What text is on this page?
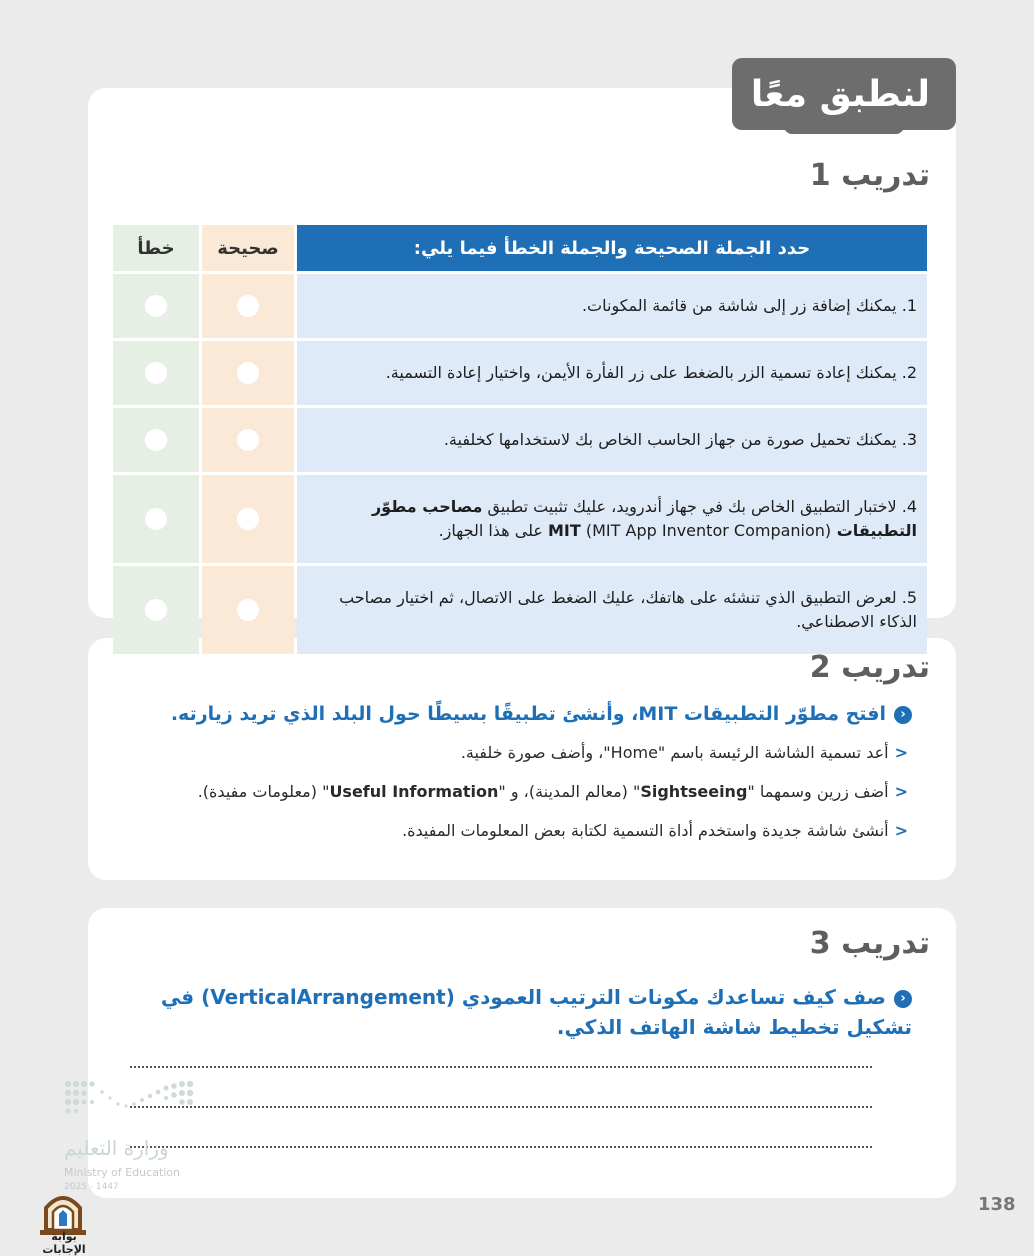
لنطبق معًا
تدريب 1
حدد الجملة الصحيحة والجملة الخطأ فيما يلي:	صحيحة	خطأ
1. يمكنك إضافة زر إلى شاشة من قائمة المكونات.		
2. يمكنك إعادة تسمية الزر بالضغط على زر الفأرة الأيمن، واختيار إعادة التسمية.		
3. يمكنك تحميل صورة من جهاز الحاسب الخاص بك لاستخدامها كخلفية.		
4. لاختبار التطبيق الخاص بك في جهاز أندرويد، عليك تثبيت تطبيق مصاحب مطوّر التطبيقات MIT (MIT App Inventor Companion) على هذا الجهاز.		
5. لعرض التطبيق الذي تنشئه على هاتفك، عليك الضغط على الاتصال، ثم اختيار مصاحب الذكاء الاصطناعي.		
تدريب 2
‹افتح مطوّر التطبيقات MIT، وأنشئ تطبيقًا بسيطًا حول البلد الذي تريد زيارته.
<أعد تسمية الشاشة الرئيسة باسم "Home"، وأضف صورة خلفية.
<أضف زرين وسمهما "Sightseeing" (معالم المدينة)، و "Useful Information" (معلومات مفيدة).
<أنشئ شاشة جديدة واستخدم أداة التسمية لكتابة بعض المعلومات المفيدة.
تدريب 3
‹صف كيف تساعدك مكونات الترتيب العمودي (VerticalArrangement) في تشكيل تخطيط شاشة الهاتف الذكي.
وزارة التعليم
Ministry of Education
2025 - 1447
138
بوابة الإجابات
